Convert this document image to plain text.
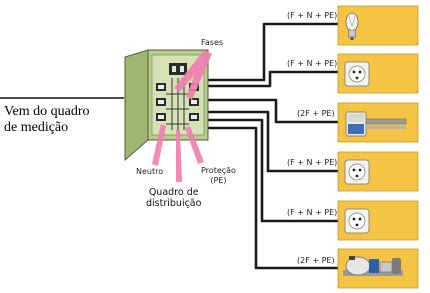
(F + N + PE)
(F + N + PE)
(2F + PE)
(F + N + PE)
(F + N + PE)
(2F + PE)
Fases
Neutro	Proteção
(PE)
Quadro de
distribuição
Vem do quadro
de medição
